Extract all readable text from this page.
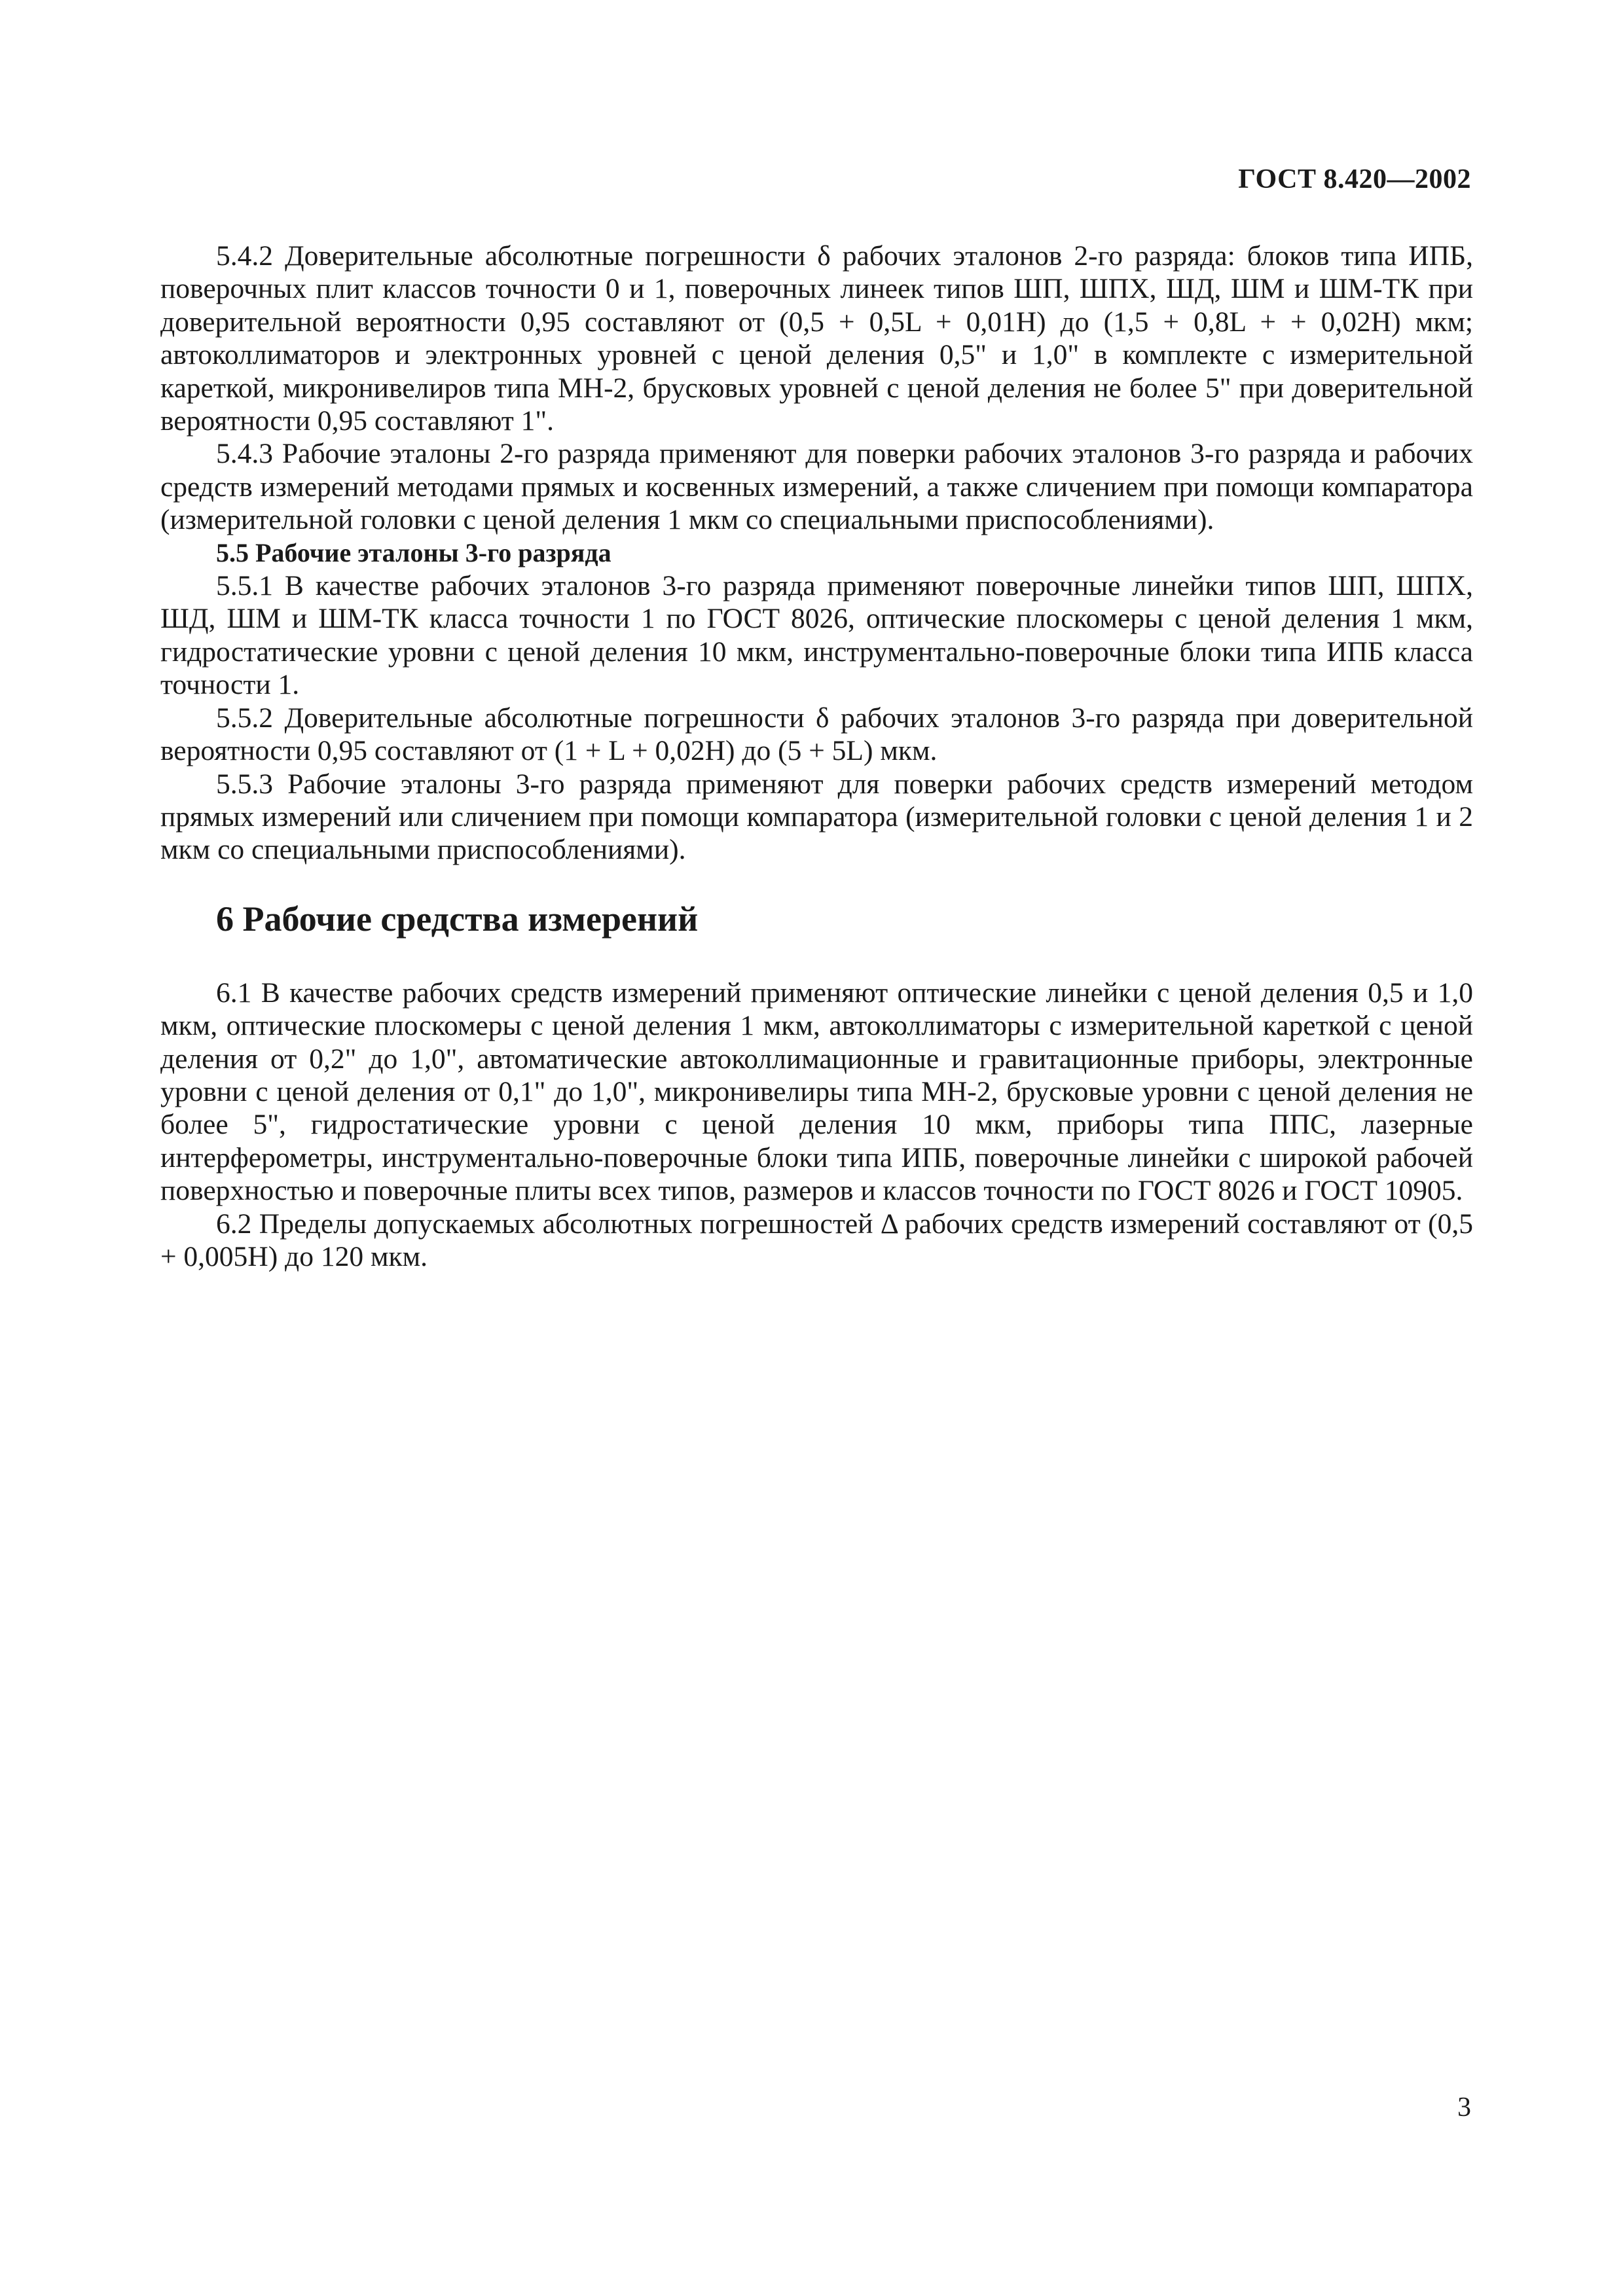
ГОСТ 8.420—2002

5.4.2 Доверительные абсолютные погрешности δ рабочих эталонов 2-го разряда: блоков типа ИПБ, поверочных плит классов точности 0 и 1, поверочных линеек типов ШП, ШПХ, ШД, ШМ и ШМ-ТК при доверительной вероятности 0,95 составляют от (0,5 + 0,5L + 0,01H) до (1,5 + 0,8L + + 0,02H) мкм; автоколлиматоров и электронных уровней с ценой деления 0,5" и 1,0" в комплекте с измерительной кареткой, микронивелиров типа МН-2, брусковых уровней с ценой деления не более 5" при доверительной вероятности 0,95 составляют 1".

5.4.3 Рабочие эталоны 2-го разряда применяют для поверки рабочих эталонов 3-го разряда и рабочих средств измерений методами прямых и косвенных измерений, а также сличением при помощи компаратора (измерительной головки с ценой деления 1 мкм со специальными приспособлениями).

5.5 Рабочие эталоны 3-го разряда

5.5.1 В качестве рабочих эталонов 3-го разряда применяют поверочные линейки типов ШП, ШПХ, ШД, ШМ и ШМ-ТК класса точности 1 по ГОСТ 8026, оптические плоскомеры с ценой деления 1 мкм, гидростатические уровни с ценой деления 10 мкм, инструментально-поверочные блоки типа ИПБ класса точности 1.

5.5.2 Доверительные абсолютные погрешности δ рабочих эталонов 3-го разряда при доверительной вероятности 0,95 составляют от (1 + L + 0,02H) до (5 + 5L) мкм.

5.5.3 Рабочие эталоны 3-го разряда применяют для поверки рабочих средств измерений методом прямых измерений или сличением при помощи компаратора (измерительной головки с ценой деления 1 и 2 мкм со специальными приспособлениями).

6 Рабочие средства измерений

6.1 В качестве рабочих средств измерений применяют оптические линейки с ценой деления 0,5 и 1,0 мкм, оптические плоскомеры с ценой деления 1 мкм, автоколлиматоры с измерительной кареткой с ценой деления от 0,2" до 1,0", автоматические автоколлимационные и гравитационные приборы, электронные уровни с ценой деления от 0,1" до 1,0", микронивелиры типа МН-2, брусковые уровни с ценой деления не более 5", гидростатические уровни с ценой деления 10 мкм, приборы типа ППС, лазерные интерферометры, инструментально-поверочные блоки типа ИПБ, поверочные линейки с широкой рабочей поверхностью и поверочные плиты всех типов, размеров и классов точности по ГОСТ 8026 и ГОСТ 10905.

6.2 Пределы допускаемых абсолютных погрешностей Δ рабочих средств измерений составляют от (0,5 + 0,005H) до 120 мкм.

3
